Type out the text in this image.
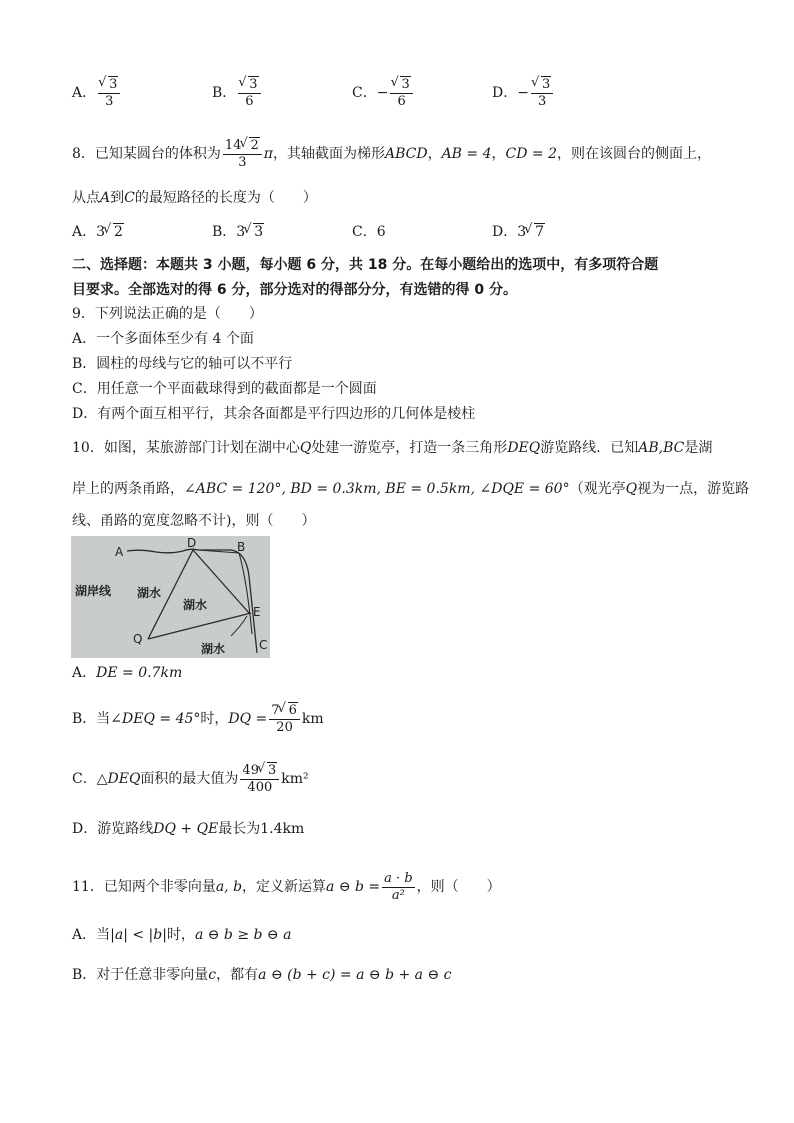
A． √ $\frac{3}{3}$	B． √ $\frac{3}{6}$	C．− √ $\frac{3}{6}$	D．− √ $\frac{3}{3}$
8．已知某圆台的体积为 $\frac{14 √ 2}{3}$ π，其轴截面为梯形ABCD，AB = 4，CD = 2，则在该圆台的侧面上，
从点A到C的最短路径的长度为（　　）
A．3 √ 2	B．3 √ 3	C．6	D．3 √ 7
二、选择题：本题共 3 小题，每小题 6 分，共 18 分。在每小题给出的选项中，有多项符合题
目要求。全部选对的得 6 分，部分选对的得部分分，有选错的得 0 分。
9．下列说法正确的是（　　）
A．一个多面体至少有 4 个面
B．圆柱的母线与它的轴可以不平行
C．用任意一个平面截球得到的截面都是一个圆面
D．有两个面互相平行，其余各面都是平行四边形的几何体是棱柱
10．如图，某旅游部门计划在湖中心Q处建一游览亭，打造一条三角形DEQ游览路线．已知AB,BC是湖
岸上的两条甬路，∠ABC = 120°, BD = 0.3km, BE = 0.5km, ∠DQE = 60°（观光亭Q视为一点，游览路
线、甬路的宽度忽略不计)，则（　　）
A
D	B
E
Q	C
湖岸线 湖水
湖水
湖水
A．DE = 0.7km
B．当∠DEQ = 45°时，DQ = $\frac{7 √ 6}{20}$ km
C．△DEQ面积的最大值为 $\frac{49 √ 3}{400} km^2$
D．游览路线DQ + QE最长为1.4km
11．已知两个非零向量a, b，定义新运算a ⊖ $b = \frac{a \cdot b}{\text{a²}}$ ，则（　　）
A．当|a| < |b|时，a ⊖ b ≥ b ⊖ a
B．对于任意非零向量c，都有a ⊖ (b + c) = a ⊖ b + a ⊖ c
